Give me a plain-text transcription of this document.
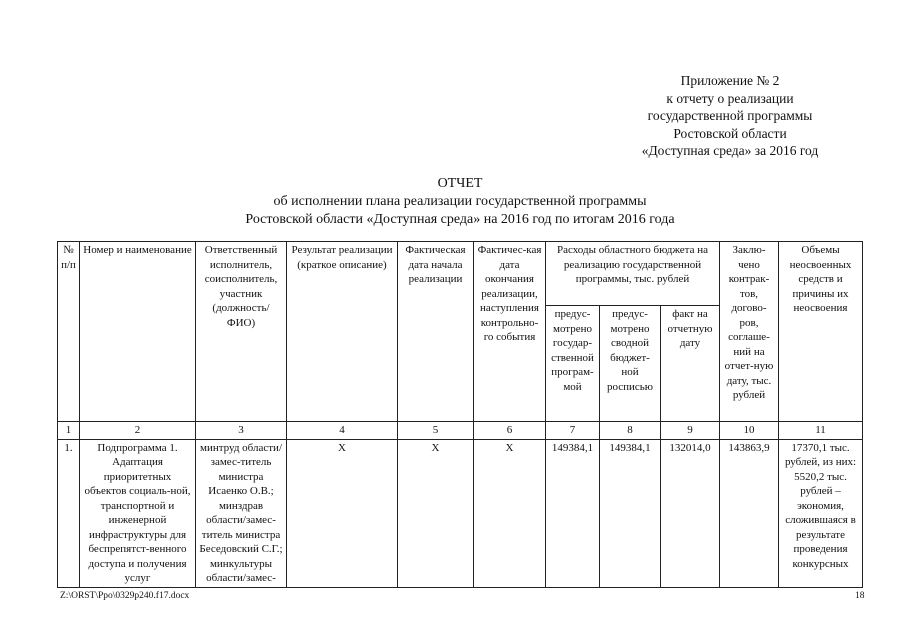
Приложение № 2
к отчету о реализации
государственной программы
Ростовской области
«Доступная среда» за 2016 год
ОТЧЕТ
об исполнении плана реализации государственной программы
Ростовской области «Доступная среда» на 2016 год по итогам 2016 года
№ п/п	Номер и наименование	Ответственный исполнитель, соисполнитель, участник (должность/ ФИО)	Результат реализации (краткое описание)	Фактическая дата начала реализации	Фактичес-кая дата окончания реализации, наступления контрольно-го события	Расходы областного бюджета на реализацию государственной программы, тыс. рублей			Заклю-чено контрак-тов, догово-ров, соглаше-ний на отчет-ную дату, тыс. рублей	Объемы неосвоенных средств и причины их неосвоения
						предус-мотрено государ-ственной програм-мой	предус-мотрено сводной бюджет-ной росписью	факт на отчетную дату		
1	2	3	4	5	6	7	8	9	10	11
1.	Подпрограмма 1. Адаптация приоритетных объектов социаль-ной, транспортной и инженерной инфраструктуры для беспрепятст-венного доступа и получения услуг	минтруд области/замес-титель министра Исаенко О.В.; минздрав области/замес-титель министра Беседовский С.Г.; минкультуры области/замес-	Х	Х	Х	149384,1	149384,1	132014,0	143863,9	17370,1 тыс. рублей, из них: 5520,2 тыс. рублей – экономия, сложившаяся в результате проведения конкурсных
Z:\ORST\Ppo\0329p240.f17.docx	18
